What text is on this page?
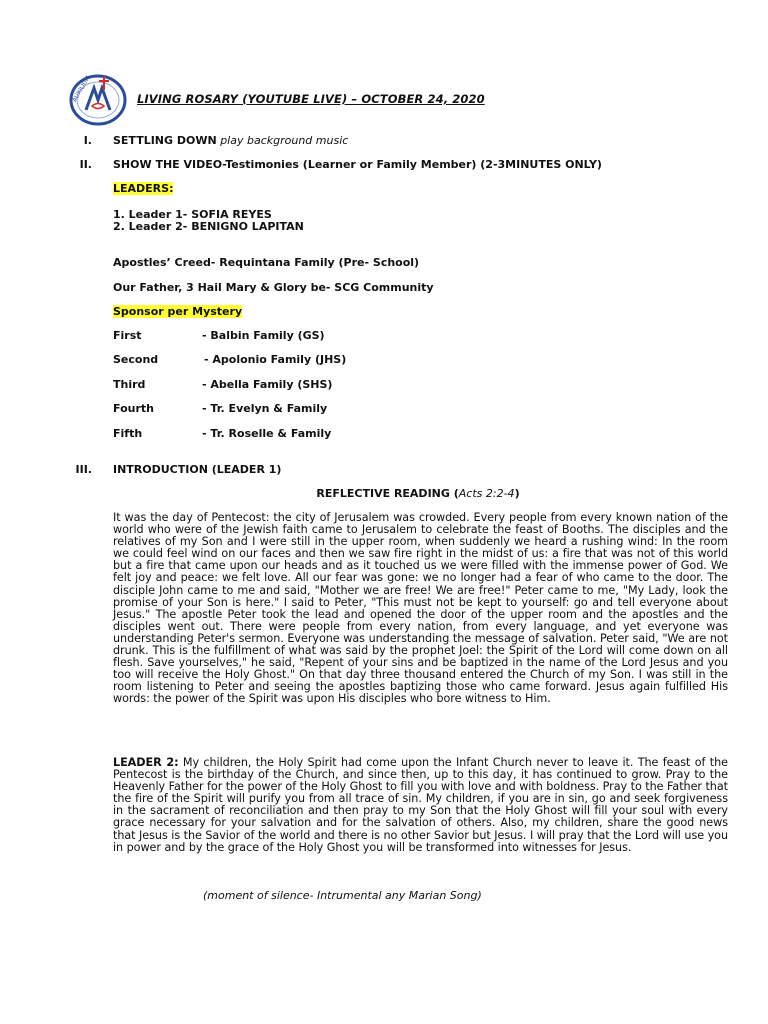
AUXILIUM	LIVING ROSARY (YOUTUBE LIVE) – OCTOBER 24, 2020
I. SETTLING DOWN play background music
II. SHOW THE VIDEO-Testimonies (Learner or Family Member) (2-3MINUTES ONLY)
LEADERS:
1. Leader 1- SOFIA REYES
2. Leader 2- BENIGNO LAPITAN
Apostles’ Creed- Requintana Family (Pre- School)
Our Father, 3 Hail Mary & Glory be- SCG Community
Sponsor per Mystery
First	- Balbin Family (GS)
Second	- Apolonio Family (JHS)
Third	- Abella Family (SHS)
Fourth	- Tr. Evelyn & Family
Fifth	- Tr. Roselle & Family
III. INTRODUCTION (LEADER 1)
REFLECTIVE READING (Acts 2:2-4)

It was the day of Pentecost: the city of Jerusalem was crowded. Every people from every known nation of the world who were of the Jewish faith came to Jerusalem to celebrate the feast of Booths. The disciples and the relatives of my Son and I were still in the upper room, when suddenly we heard a rushing wind: In the room we could feel wind on our faces and then we saw fire right in the midst of us: a fire that was not of this world but a fire that came upon our heads and as it touched us we were filled with the immense power of God. We felt joy and peace: we felt love. All our fear was gone: we no longer had a fear of who came to the door. The disciple John came to me and said, "Mother we are free! We are free!" Peter came to me, "My Lady, look the promise of your Son is here." I said to Peter, "This must not be kept to yourself: go and tell everyone about Jesus." The apostle Peter took the lead and opened the door of the upper room and the apostles and the disciples went out. There were people from every nation, from every language, and yet everyone was understanding Peter's sermon. Everyone was understanding the message of salvation. Peter said, "We are not drunk. This is the fulfillment of what was said by the prophet Joel: the Spirit of the Lord will come down on all flesh. Save yourselves," he said, "Repent of your sins and be baptized in the name of the Lord Jesus and you too will receive the Holy Ghost." On that day three thousand entered the Church of my Son. I was still in the room listening to Peter and seeing the apostles baptizing those who came forward. Jesus again fulfilled His words: the power of the Spirit was upon His disciples who bore witness to Him.

LEADER 2: My children, the Holy Spirit had come upon the Infant Church never to leave it. The feast of the Pentecost is the birthday of the Church, and since then, up to this day, it has continued to grow. Pray to the Heavenly Father for the power of the Holy Ghost to fill you with love and with boldness. Pray to the Father that the fire of the Spirit will purify you from all trace of sin. My children, if you are in sin, go and seek forgiveness in the sacrament of reconciliation and then pray to my Son that the Holy Ghost will fill your soul with every grace necessary for your salvation and for the salvation of others. Also, my children, share the good news that Jesus is the Savior of the world and there is no other Savior but Jesus. I will pray that the Lord will use you in power and by the grace of the Holy Ghost you will be transformed into witnesses for Jesus.

(moment of silence- Intrumental any Marian Song)
